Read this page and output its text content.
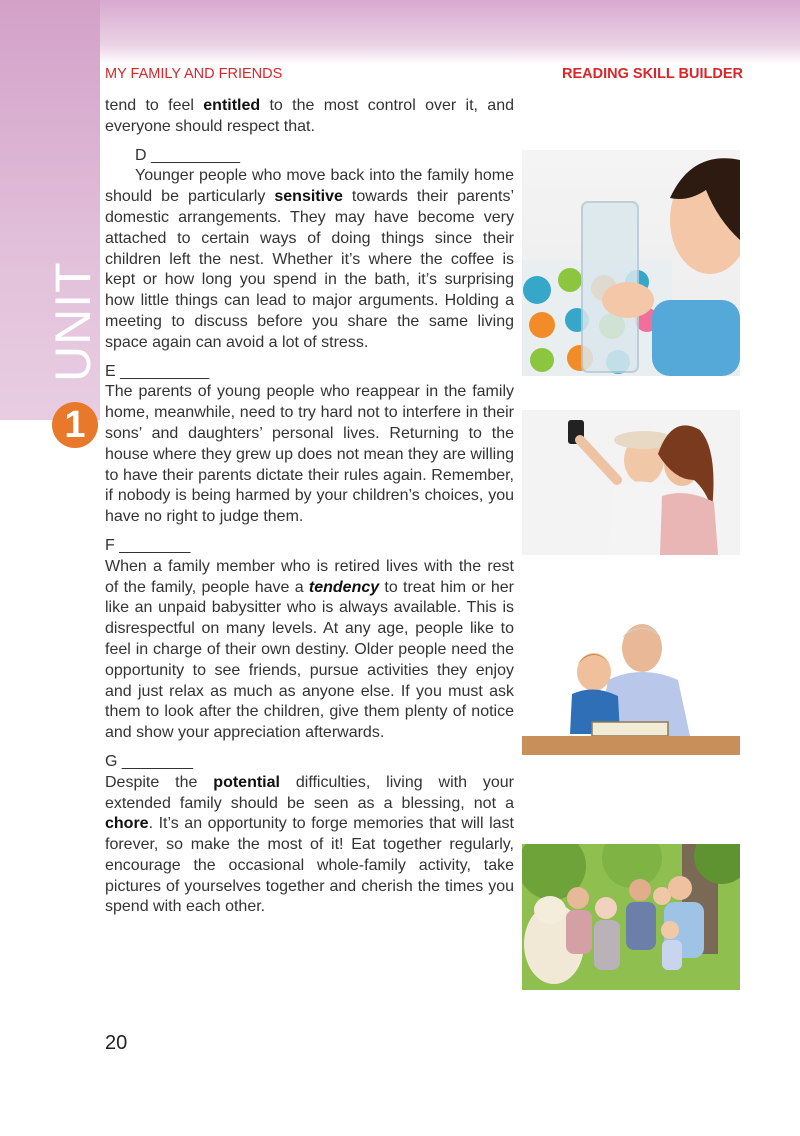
UNIT
1
MY FAMILY AND FRIENDS	READING SKILL BUILDER

tend to feel entitled to the most control over it, and everyone should respect that.

D __________

Younger people who move back into the family home should be particularly sensitive towards their parents’ domestic arrangements. They may have become very attached to certain ways of doing things since their children left the nest. Whether it’s where the coffee is kept or how long you spend in the bath, it’s surprising how little things can lead to major arguments. Holding a meeting to discuss before you share the same living space again can avoid a lot of stress.

E __________

The parents of young people who reappear in the family home, meanwhile, need to try hard not to interfere in their sons’ and daughters’ personal lives. Returning to the house where they grew up does not mean they are willing to have their parents dictate their rules again. Remember, if nobody is being harmed by your children’s choices, you have no right to judge them.

F ________

When a family member who is retired lives with the rest of the family, people have a tendency to treat him or her like an unpaid babysitter who is always available. This is disrespectful on many levels. At any age, people like to feel in charge of their own destiny. Older people need the opportunity to see friends, pursue activities they enjoy and just relax as much as anyone else. If you must ask them to look after the children, give them plenty of notice and show your appreciation afterwards.

G ________

Despite the potential difficulties, living with your extended family should be seen as a blessing, not a chore. It’s an opportunity to forge memories that will last forever, so make the most of it! Eat together regularly, encourage the occasional whole-family activity, take pictures of yourselves together and cherish the times you spend with each other.

20
